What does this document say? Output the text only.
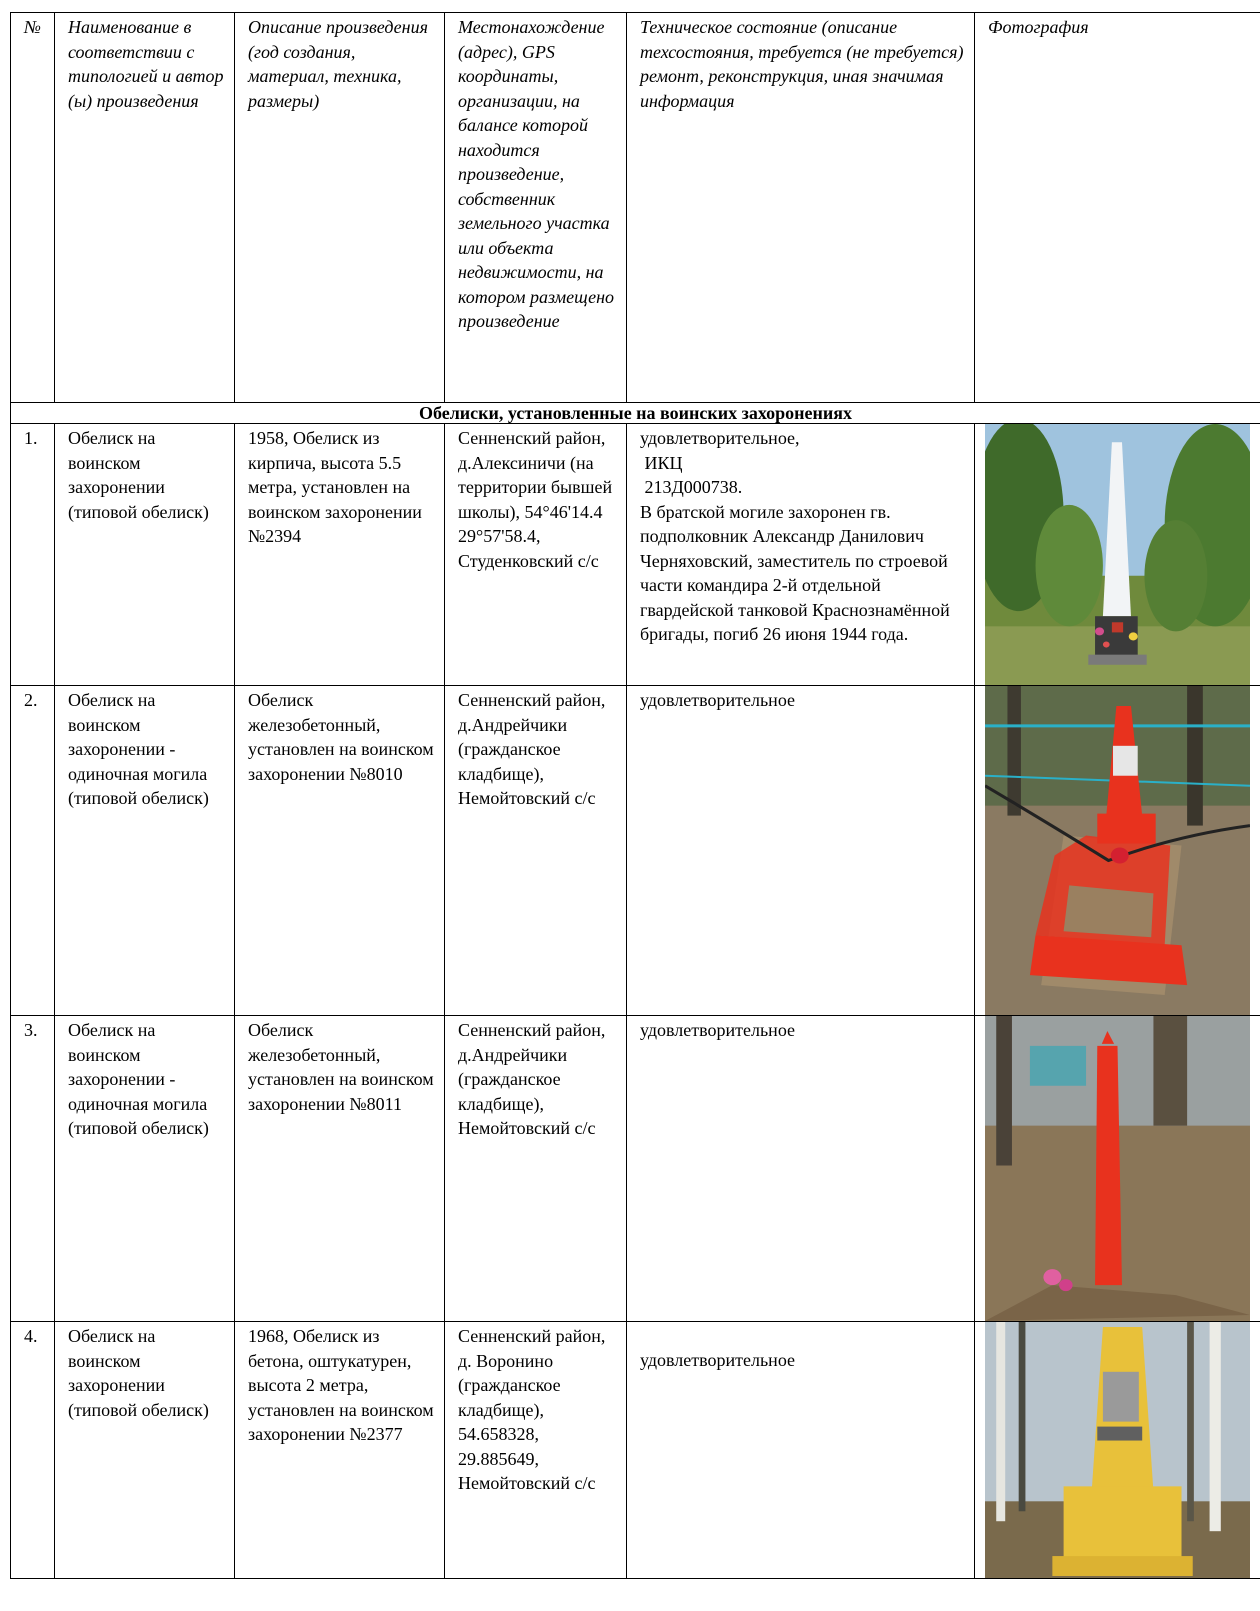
№	Наименование в соответствии с типологией и автор (ы) произведения	Описание произведения (год создания, материал, техника, размеры)	Местонахождение (адрес), GPS координаты, организации, на балансе которой находится произведение, собственник земельного участка или объекта недвижимости, на котором размещено произведение	Техническое состояние (описание техсостояния, требуется (не требуется) ремонт, реконструкция, иная значимая информация	Фотография
Обелиски, установленные на воинских захоронениях					
1.	Обелиск на воинском захоронении (типовой обелиск)	1958, Обелиск из кирпича, высота 5.5 метра, установлен на воинском захоронении №2394	Сенненский район, д.Алексиничи (на территории бывшей школы), 54°46'14.4 29°57'58.4, Студенковский с/с	удовлетворительное,
ИКЦ
213Д000738.
В братской могиле захоронен гв. подполковник Александр Данилович  Черняховский, заместитель по строевой части командира 2-й отдельной гвардейской танковой Краснознамённой бригады, погиб 26 июня 1944 года.	

2.	Обелиск на воинском захоронении - одиночная могила (типовой обелиск)	Обелиск железобетонный, установлен на воинском захоронении №8010	Сенненский район, д.Андрейчики (гражданское кладбище), Немойтовский с/с	удовлетворительное	

3.	Обелиск на воинском захоронении - одиночная могила (типовой обелиск)	Обелиск железобетонный, установлен на воинском захоронении №8011	Сенненский район, д.Андрейчики (гражданское кладбище), Немойтовский с/с	удовлетворительное	

4.	Обелиск на воинском захоронении (типовой обелиск)	1968, Обелиск из бетона, оштукатурен, высота 2 метра, установлен на воинском захоронении №2377	Сенненский район, д. Воронино (гражданское кладбище), 54.658328, 29.885649, Немойтовский с/с	удовлетворительное	
